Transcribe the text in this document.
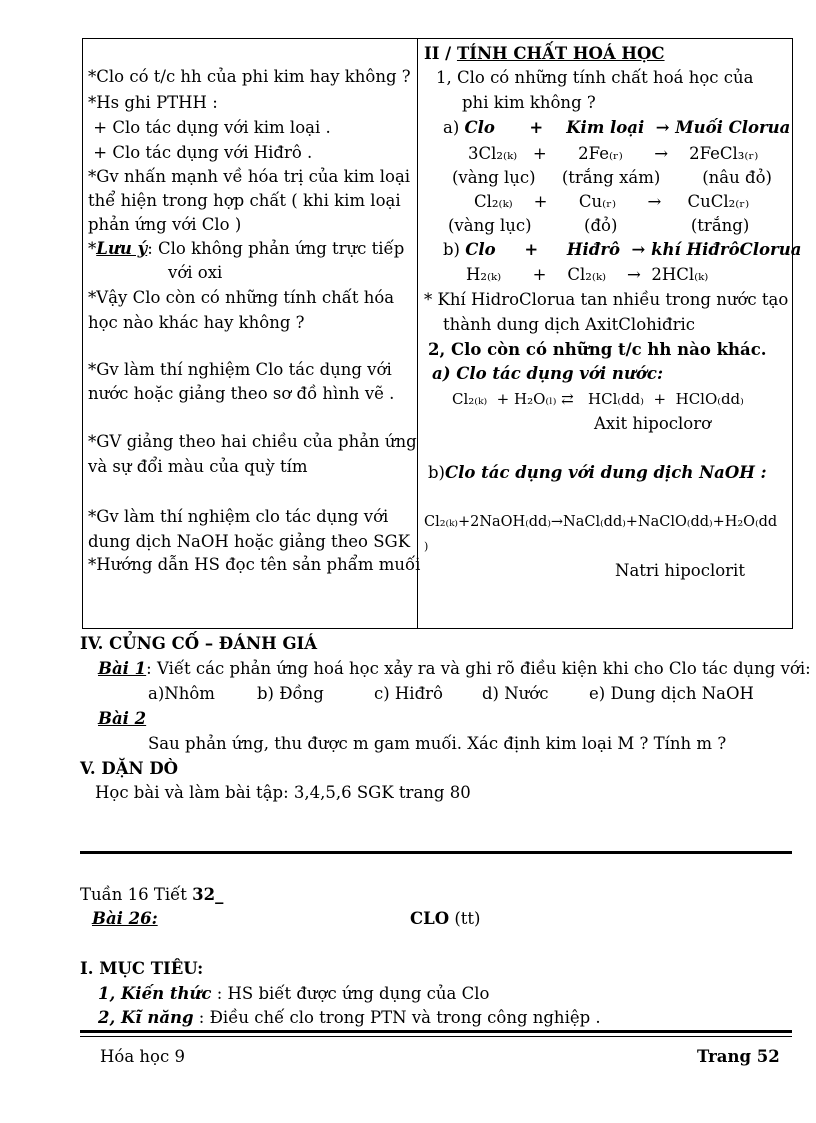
*Clo có t/c hh của phi kim hay không ?
*Hs ghi PTHH :
+ Clo tác dụng với kim loại .
+ Clo tác dụng với Hiđrô .
*Gv nhấn mạnh về hóa trị của kim loại
thể hiện trong hợp chất ( khi kim loại
phản ứng với Clo )
*Lưu ý: Clo không phản ứng trực tiếp
với oxi
*Vậy Clo còn có những tính chất hóa
học nào khác hay không ?
*Gv làm thí nghiệm Clo tác dụng với
nước hoặc giảng theo sơ đồ hình vẽ .
*GV giảng theo hai chiều của phản ứng
và sự đổi màu của quỳ tím
*Gv làm thí nghiệm clo tác dụng với
dung dịch NaOH hoặc giảng theo SGK
*Hướng dẫn HS đọc tên sản phẩm muối
II / TÍNH CHẤT HOÁ HỌC
1, Clo có những tính chất hoá học của
phi kim không ?
a) Clo      +    Kim loại  → Muối Clorua
3Cl₂₍ₖ₎   +      2Fe₍ᵣ₎      →    2FeCl₃₍ᵣ₎
(vàng lục)     (trắng xám)        (nâu đỏ)
Cl₂₍ₖ₎    +      Cu₍ᵣ₎      →     CuCl₂₍ᵣ₎
(vàng lục)          (đỏ)              (trắng)
b) Clo     +     Hiđrô  → khí HiđrôClorua
H₂₍ₖ₎      +    Cl₂₍ₖ₎    →  2HCl₍ₖ₎
* Khí HidroClorua tan nhiều trong nước tạo
thành dung dịch AxitClohiđric
2, Clo còn có những t/c hh nào khác.
a) Clo tác dụng với nước:
Cl₂₍ₖ₎  + H₂O₍ₗ₎ ⇄   HCl₍dd₎  +  HClO₍dd₎
Axit hipoclorơ
b)Clo tác dụng với dung dịch NaOH :
Cl₂₍ₖ₎+2NaOH₍dd₎→NaCl₍dd₎+NaClO₍dd₎+H₂O₍dd
)
Natri hipoclorit
IV. CỦNG CỐ – ĐÁNH GIÁ
Bài 1: Viết các phản ứng hoá học xảy ra và ghi rõ điều kiện khi cho Clo tác dụng với:
a)Nhôm	b) Đồng	c) Hiđrô d) Nước e) Dung dịch NaOH
Bài 2
Sau phản ứng, thu được m gam muối. Xác định kim loại M ? Tính m ?
V. DẶN DÒ
Học bài và làm bài tập: 3,4,5,6 SGK trang 80
Tuần 16 Tiết 32_
Bài 26:	CLO (tt)
I. MỤC TIÊU:
1, Kiến thức : HS biết được ứng dụng của Clo
2, Kĩ năng : Điều chế clo trong PTN và trong công nghiệp .
Hóa học 9	Trang 52
